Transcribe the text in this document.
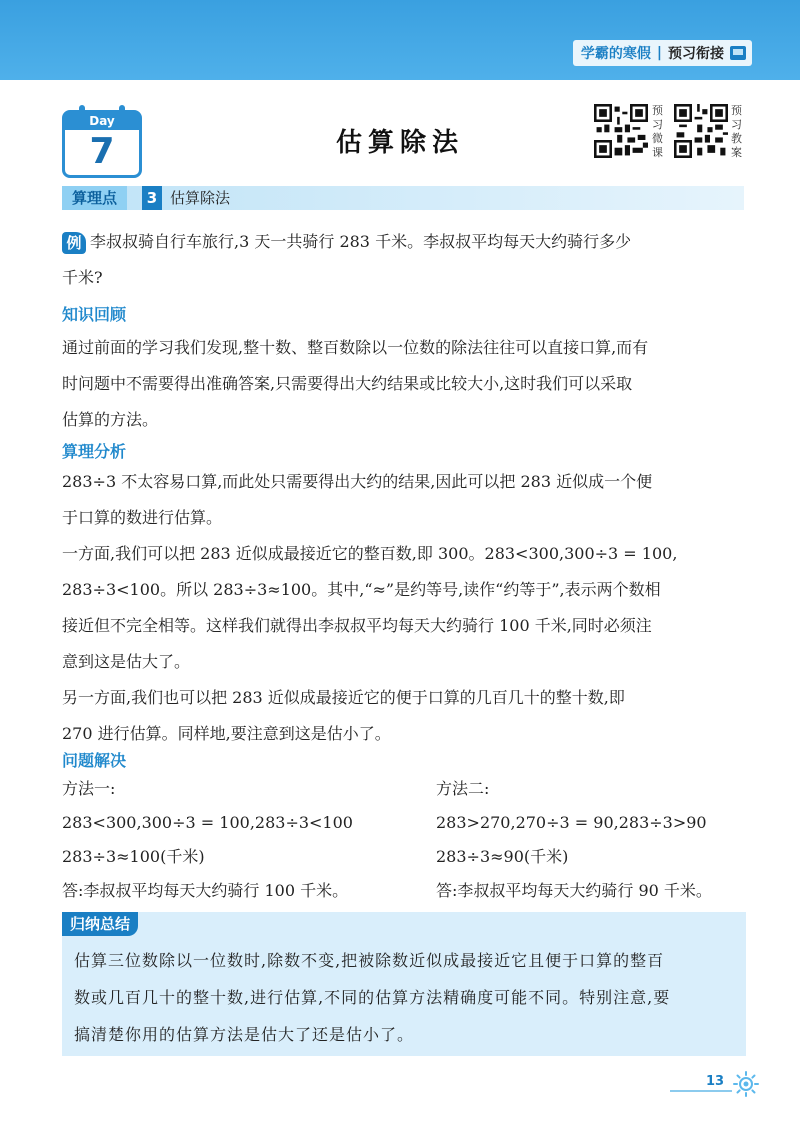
学霸的寒假 | 预习衔接
Day
7	估算除法
预习微课
预习教案
算理点	3 估算除法
例 李叔叔骑自行车旅行,3 天一共骑行 283 千米。李叔叔平均每天大约骑行多少
千米?
知识回顾
通过前面的学习我们发现,整十数、整百数除以一位数的除法往往可以直接口算,而有
时问题中不需要得出准确答案,只需要得出大约结果或比较大小,这时我们可以采取
估算的方法。
算理分析
283÷3 不太容易口算,而此处只需要得出大约的结果,因此可以把 283 近似成一个便
于口算的数进行估算。
一方面,我们可以把 283 近似成最接近它的整百数,即 300。283<300,300÷3 = 100,
283÷3<100。所以 283÷3≈100。其中,“≈”是约等号,读作“约等于”,表示两个数相
接近但不完全相等。这样我们就得出李叔叔平均每天大约骑行 100 千米,同时必须注
意到这是估大了。
另一方面,我们也可以把 283 近似成最接近它的便于口算的几百几十的整十数,即
270 进行估算。同样地,要注意到这是估小了。
问题解决
方法一:
283<300,300÷3 = 100,283÷3<100
283÷3≈100(千米)
答:李叔叔平均每天大约骑行 100 千米。
方法二:
283>270,270÷3 = 90,283÷3>90
283÷3≈90(千米)
答:李叔叔平均每天大约骑行 90 千米。
归纳总结
估算三位数除以一位数时,除数不变,把被除数近似成最接近它且便于口算的整百
数或几百几十的整十数,进行估算,不同的估算方法精确度可能不同。特别注意,要
搞清楚你用的估算方法是估大了还是估小了。
13
